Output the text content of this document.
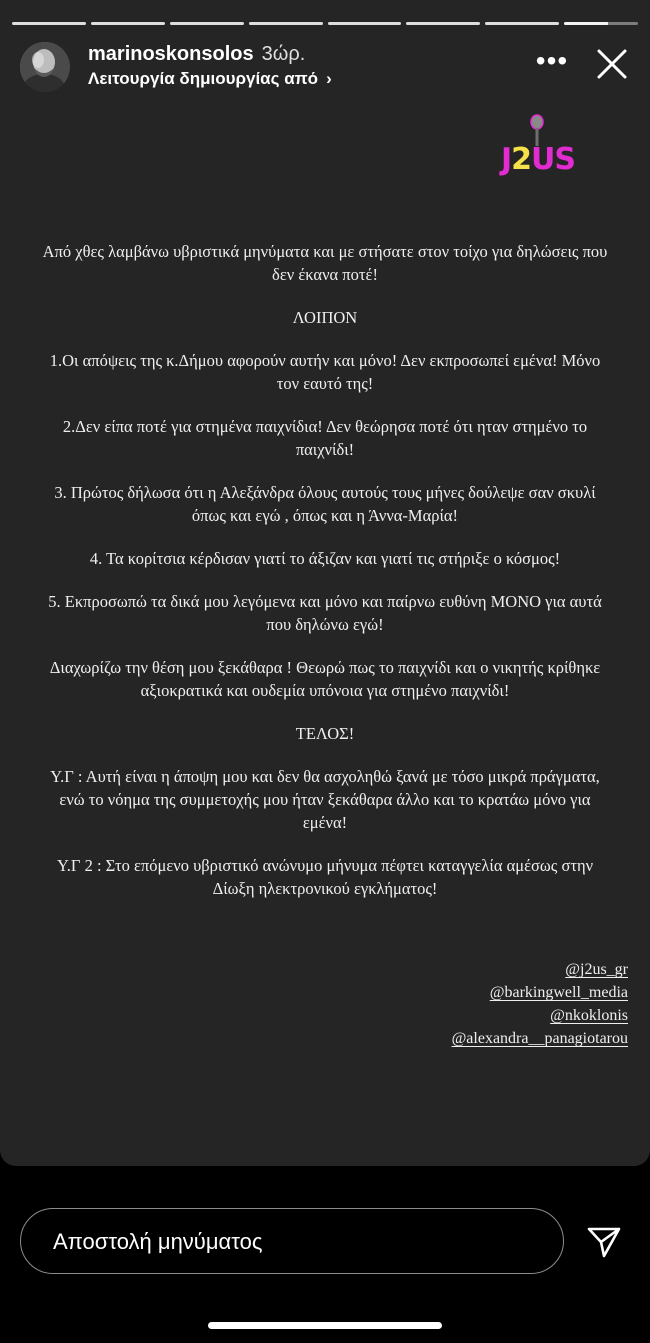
marinoskonsolos 3ώρ.
Λειτουργία δημιουργίας από ›
•••
J2US

Από χθες λαμβάνω υβριστικά μηνύματα και με στήσατε στον τοίχο για δηλώσεις που δεν έκανα ποτέ!

ΛΟΙΠΟΝ

1.Οι απόψεις της κ.Δήμου αφορούν αυτήν και μόνο! Δεν εκπροσωπεί εμένα! Μόνο τον εαυτό της!

2.Δεν είπα ποτέ για στημένα παιχνίδια! Δεν θεώρησα ποτέ ότι ηταν στημένο το παιχνίδι!

3. Πρώτος δήλωσα ότι η Αλεξάνδρα όλους αυτούς τους μήνες δούλεψε σαν σκυλί όπως και εγώ , όπως και η Άννα-Μαρία!

4. Τα κορίτσια κέρδισαν γιατί το άξιζαν και γιατί τις στήριξε ο κόσμος!

5. Εκπροσωπώ τα δικά μου λεγόμενα και μόνο και παίρνω ευθύνη ΜΟΝΟ για αυτά που δηλώνω εγώ!

Διαχωρίζω την θέση μου ξεκάθαρα ! Θεωρώ πως το παιχνίδι και ο νικητής κρίθηκε αξιοκρατικά και ουδεμία υπόνοια για στημένο παιχνίδι!

ΤΕΛΟΣ!

Υ.Γ : Αυτή είναι η άποψη μου και δεν θα ασχοληθώ ξανά με τόσο μικρά πράγματα, ενώ το νόημα της συμμετοχής μου ήταν ξεκάθαρα άλλο και το κρατάω μόνο για εμένα!

Υ.Γ 2 : Στο επόμενο υβριστικό ανώνυμο μήνυμα πέφτει καταγγελία αμέσως στην Δίωξη ηλεκτρονικού εγκλήματος!

@j2us_gr
@barkingwell_media
@nkoklonis
@alexandra__panagiotarou
Αποστολή μηνύματος
